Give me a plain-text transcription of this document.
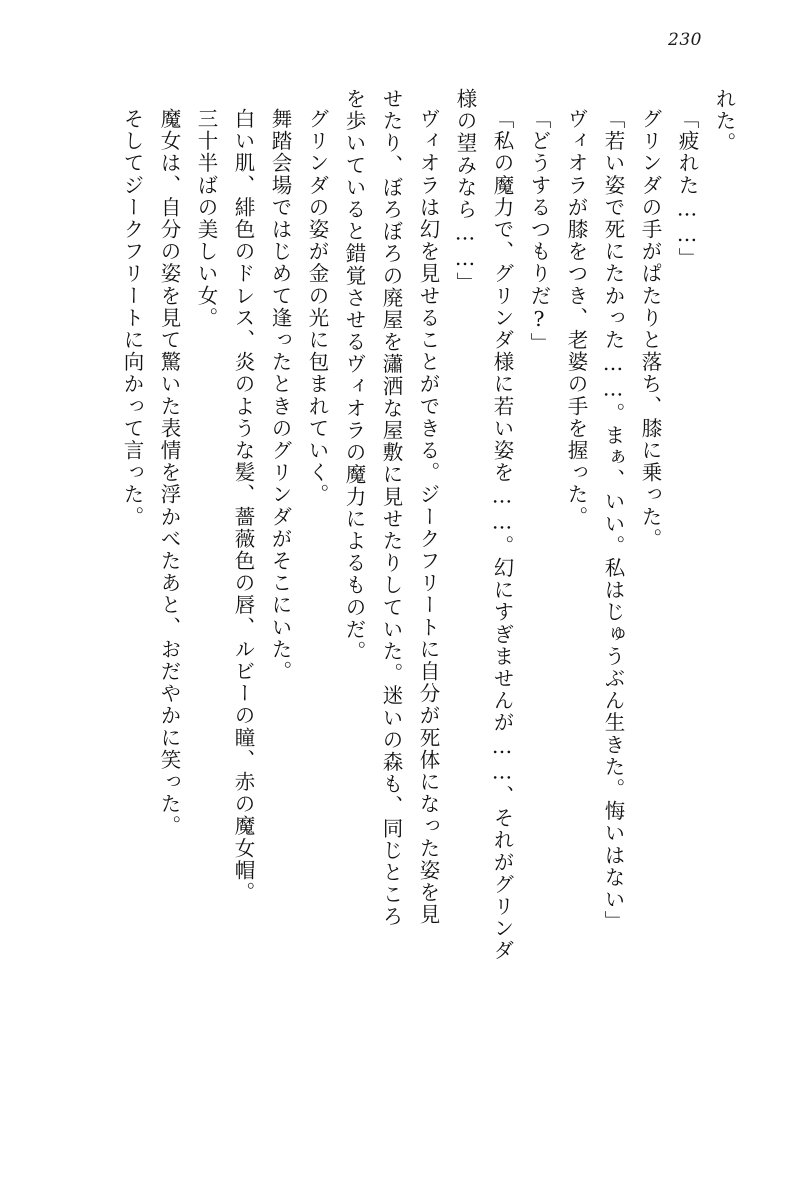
230
れた。
「疲れた……」
グリンダの手がぱたりと落ち、膝に乗った。
「若い姿で死にたかった……。まぁ、いい。私はじゅうぶん生きた。悔いはない」
ヴィオラが膝をつき、老婆の手を握った。
「どうするつもりだ?」
「私の魔力で、グリンダ様に若い姿を……。幻にすぎませんが……、それがグリンダ
様の望みなら……」
ヴィオラは幻を見せることができる。ジークフリートに自分が死体になった姿を見
せたり、ぼろぼろの廃屋を瀟洒な屋敷に見せたりしていた。迷いの森も、同じところ
を歩いていると錯覚させるヴィオラの魔力によるものだ。
グリンダの姿が金の光に包まれていく。
舞踏会場ではじめて逢ったときのグリンダがそこにいた。
白い肌、緋色のドレス、炎のような髪、薔薇色の唇、ルビーの瞳、赤の魔女帽。
三十半ばの美しい女。
魔女は、自分の姿を見て驚いた表情を浮かべたあと、おだやかに笑った。
そしてジークフリートに向かって言った。
